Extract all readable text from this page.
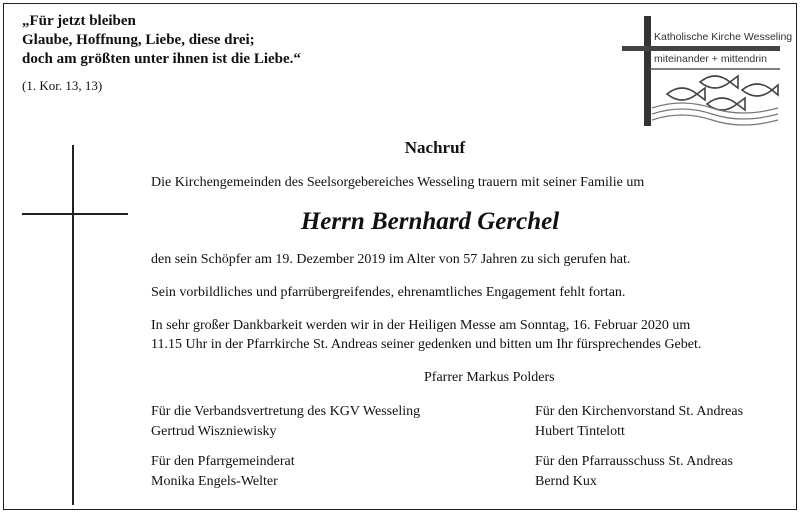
„Für jetzt bleiben
Glaube, Hoffnung, Liebe, diese drei;
doch am größten unter ihnen ist die Liebe.“
(1. Kor. 13, 13)
Katholische Kirche Wesseling
miteinander + mittendrin
Nachruf
Die Kirchengemeinden des Seelsorgebereiches Wesseling trauern mit seiner Familie um
Herrn Bernhard Gerchel
den sein Schöpfer am 19. Dezember 2019 im Alter von 57 Jahren zu sich gerufen hat.
Sein vorbildliches und pfarrübergreifendes, ehrenamtliches Engagement fehlt fortan.
In sehr großer Dankbarkeit werden wir in der Heiligen Messe am Sonntag, 16. Februar 2020 um
11.15 Uhr in der Pfarrkirche St. Andreas seiner gedenken und bitten um Ihr fürsprechendes Gebet.
Pfarrer Markus Polders
Für die Verbandsvertretung des KGV Wesseling
Gertrud Wiszniewisky
Für den Kirchenvorstand St. Andreas
Hubert Tintelott
Für den Pfarrgemeinderat
Monika Engels-Welter
Für den Pfarrausschuss St. Andreas
Bernd Kux
